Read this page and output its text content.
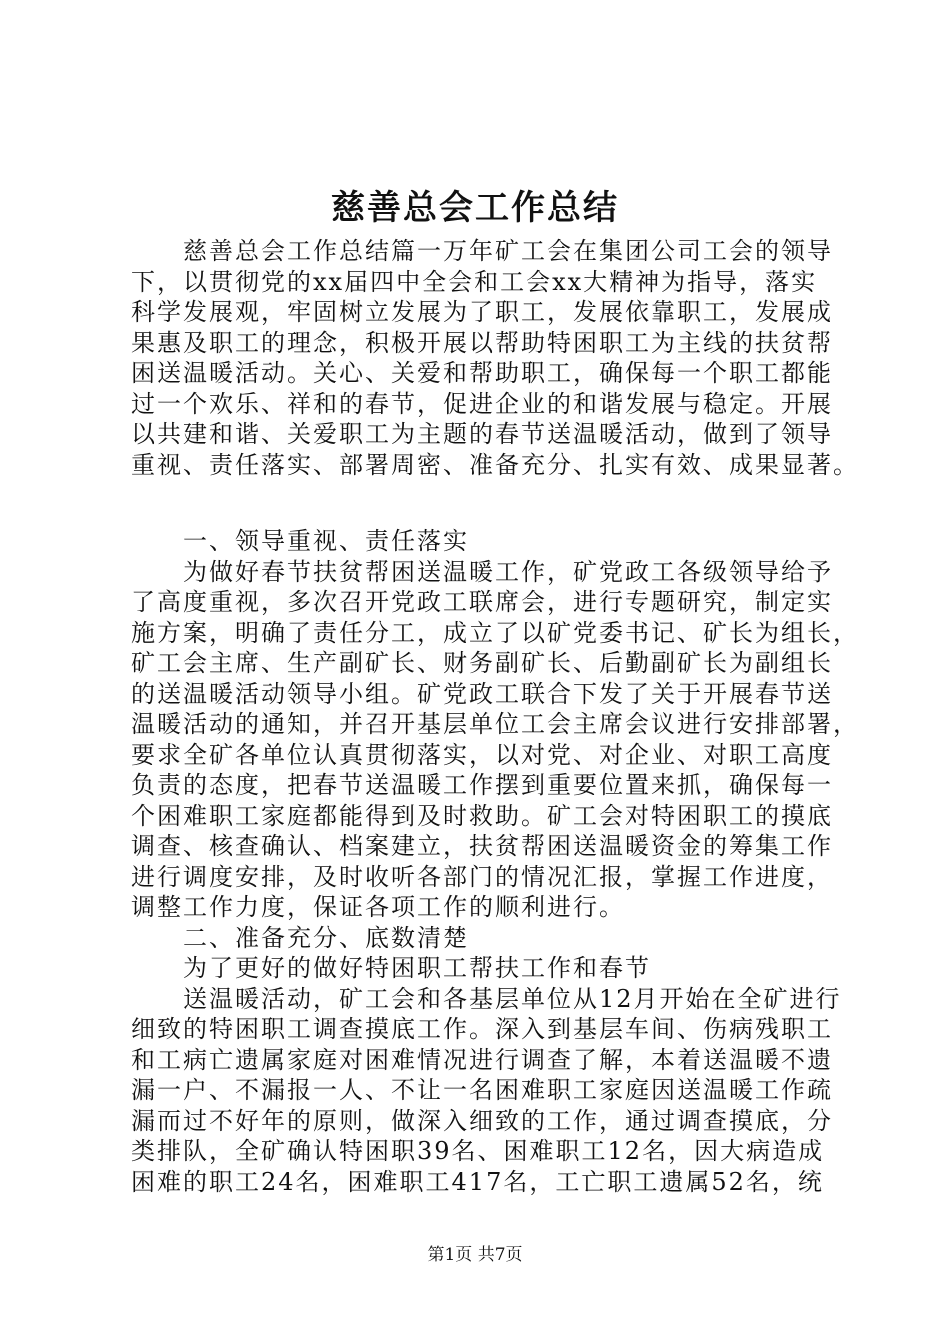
慈善总会工作总结
慈善总会工作总结篇一万年矿工会在集团公司工会的领导
下，以贯彻党的xx届四中全会和工会xx大精神为指导，落实
科学发展观，牢固树立发展为了职工，发展依靠职工，发展成
果惠及职工的理念，积极开展以帮助特困职工为主线的扶贫帮
困送温暖活动。关心、关爱和帮助职工，确保每一个职工都能
过一个欢乐、祥和的春节，促进企业的和谐发展与稳定。开展
以共建和谐、关爱职工为主题的春节送温暖活动，做到了领导
重视、责任落实、部署周密、准备充分、扎实有效、成果显著。
一、领导重视、责任落实
为做好春节扶贫帮困送温暖工作，矿党政工各级领导给予
了高度重视，多次召开党政工联席会，进行专题研究，制定实
施方案，明确了责任分工，成立了以矿党委书记、矿长为组长，
矿工会主席、生产副矿长、财务副矿长、后勤副矿长为副组长
的送温暖活动领导小组。矿党政工联合下发了关于开展春节送
温暖活动的通知，并召开基层单位工会主席会议进行安排部署，
要求全矿各单位认真贯彻落实，以对党、对企业、对职工高度
负责的态度，把春节送温暖工作摆到重要位置来抓，确保每一
个困难职工家庭都能得到及时救助。矿工会对特困职工的摸底
调查、核查确认、档案建立，扶贫帮困送温暖资金的筹集工作
进行调度安排，及时收听各部门的情况汇报，掌握工作进度，
调整工作力度，保证各项工作的顺利进行。
二、准备充分、底数清楚
为了更好的做好特困职工帮扶工作和春节
送温暖活动，矿工会和各基层单位从12月开始在全矿进行
细致的特困职工调查摸底工作。深入到基层车间、伤病残职工
和工病亡遗属家庭对困难情况进行调查了解，本着送温暖不遗
漏一户、不漏报一人、不让一名困难职工家庭因送温暖工作疏
漏而过不好年的原则，做深入细致的工作，通过调查摸底，分
类排队，全矿确认特困职39名、困难职工12名，因大病造成
困难的职工24名，困难职工417名，工亡职工遗属52名，统
第1页 共7页
